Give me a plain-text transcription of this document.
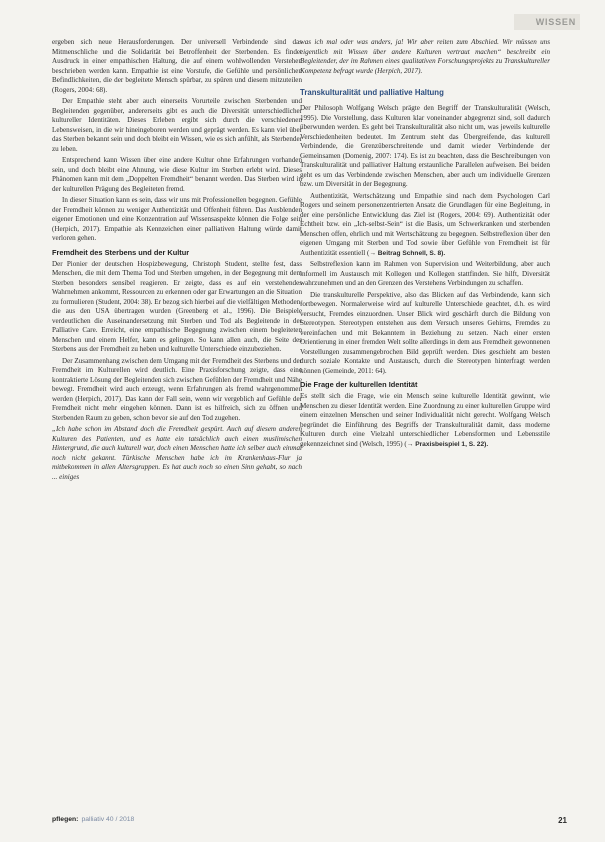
WISSEN

ergeben sich neue Herausforderungen. Der universell Verbindende sind das Mitmenschliche und die Solidarität bei Betroffenheit der Sterbenden. Es findet Ausdruck in einer empathischen Haltung, die auf einem wohlwollenden Verstehen beschrieben werden kann. Empathie ist eine Vorstufe, die Gefühle und persönlichen Befindlichkeiten, die der begleitete Mensch spürbar, zu spüren und diesem mitzuteilen (Rogers, 2004: 68).

Der Empathie steht aber auch einerseits Vorurteile zwischen Sterbenden und Begleitenden gegenüber, andererseits gibt es auch die Diversität unterschiedlicher kultureller Identitäten. Dieses Erleben ergibt sich durch die verschiedenen Lebensweisen, in die wir hineingeboren werden und geprägt werden. Es kann viel über das Sterben bekannt sein und doch bleibt ein Wissen, wie es sich anfühlt, als Sterbender zu leben.

Entsprechend kann Wissen über eine andere Kultur ohne Erfahrungen vorhanden sein, und doch bleibt eine Ahnung, wie diese Kultur im Sterben erlebt wird. Dieses Phänomen kann mit dem „Doppelten Fremdheit“ benannt werden. Das Sterben wird in der kulturellen Prägung des Begleiteten fremd.

In dieser Situation kann es sein, dass wir uns mit Professionellen begegnen. Gefühle der Fremdheit können zu weniger Authentizität und Offenheit führen. Das Ausblenden eigener Emotionen und eine Konzentration auf Wissensaspekte können die Folge sein (Herpich, 2017). Empathie als Kennzeichen einer palliativen Haltung würde damit verloren gehen.

Fremdheit des Sterbens und der Kultur

Der Pionier der deutschen Hospizbewegung, Christoph Student, stellte fest, dass Menschen, die mit dem Thema Tod und Sterben umgehen, in der Begegnung mit dem Sterben besonders sensibel reagieren. Er zeigte, dass es auf ein verstehendes Wahrnehmen ankommt, Ressourcen zu erkennen oder gar Erwartungen an die Situation zu formulieren (Student, 2004: 38). Er bezog sich hierbei auf die vielfältigen Methoden, die aus den USA übertragen wurden (Greenberg et al., 1996). Die Beispiele verdeutlichen die Auseinandersetzung mit Sterben und Tod als Begleitende in der Palliative Care. Erreicht, eine empathische Begegnung zwischen einem begleiteten Menschen und einem Helfer, kann es gelingen. So kann allen auch, die Seite des Sterbens aus der Fremdheit zu heben und kulturelle Unterschiede einzubeziehen.

Der Zusammenhang zwischen dem Umgang mit der Fremdheit des Sterbens und der Fremdheit im Kulturellen wird deutlich. Eine Praxisforschung zeigte, dass eine kontraktierte Lösung der Begleitenden sich zwischen Gefühlen der Fremdheit und Nähe bewegt. Fremdheit wird auch erzeugt, wenn Erfahrungen als fremd wahrgenommen werden (Herpich, 2017). Das kann der Fall sein, wenn wir vergeblich auf Gefühle der Fremdheit nicht mehr eingehen können. Dann ist es hilfreich, sich zu öffnen und Sterbenden Raum zu geben, schon bevor sie auf den Tod zugehen.

„Ich habe schon im Abstand doch die Fremdheit gespürt. Auch auf diesem anderen Kulturen des Patienten, und es hatte ein tatsächlich auch einen muslimischen Hintergrund, die auch kulturell war, doch einen Menschen hatte ich selber auch einmal noch nicht gekannt. Türkische Menschen habe ich im Krankenhaus-Flur ja mitbekommen in allen Altersgruppen. Es hat auch noch so einen Sinn gehabt, so nach ... einiges

was ich mal oder was anders, ja! Wir aber reiten zum Abschied. Wir müssen uns eigentlich mit Wissen über andere Kulturen vertraut machen“ beschreibt ein Begleitender, der im Rahmen eines qualitativen Forschungsprojekts zu Transkultureller Kompetenz befragt wurde (Herpich, 2017).

Transkulturalität und palliative Haltung

Der Philosoph Wolfgang Welsch prägte den Begriff der Transkulturalität (Welsch, 1995). Die Vorstellung, dass Kulturen klar voneinander abgegrenzt sind, soll dadurch überwunden werden. Es geht bei Transkulturalität also nicht um, was jeweils kulturelle Verschiedenheiten bedeutet. Im Zentrum steht das Übergreifende, das kulturell Verbindende, die Grenzüberschreitende und damit wieder Verbindende der Gemeinsamen (Domenig, 2007: 174). Es ist zu beachten, dass die Beschreibungen von Transkulturalität und palliativer Haltung erstaunliche Parallelen aufweisen. Bei beiden geht es um das Verbindende zwischen Menschen, aber auch um individuelle Grenzen bzw. um Diversität in der Begegnung.

Authentizität, Wertschätzung und Empathie sind nach dem Psychologen Carl Rogers und seinem personenzentrierten Ansatz die Grundlagen für eine Begleitung, in der eine persönliche Entwicklung das Ziel ist (Rogers, 2004: 69). Authentizität oder Echtheit bzw. ein „Ich-selbst-Sein“ ist die Basis, um Schwerkranken und sterbenden Menschen offen, ehrlich und mit Wertschätzung zu begegnen. Selbstreflexion über den eigenen Umgang mit Sterben und Tod sowie über Gefühle von Fremdheit ist für Authentizität essentiell (→ Beitrag Schnell, S. 8).

Selbstreflexion kann im Rahmen von Supervision und Weiterbildung, aber auch informell im Austausch mit Kollegen und Kollegen stattfinden. Sie hilft, Diversität wahrzunehmen und an den Grenzen des Verstehens Verbindungen zu schaffen.

Die transkulturelle Perspektive, also das Blicken auf das Verbindende, kann sich fortbewegen. Normalerweise wird auf kulturelle Unterschiede geachtet, d.h. es wird versucht, Fremdes einzuordnen. Unser Blick wird geschärft durch die Bildung von Stereotypen. Stereotypen entstehen aus dem Versuch unseres Gehirns, Fremdes zu vereinfachen und mit Bekanntem in Beziehung zu setzen. Nach einer ersten Orientierung in einer fremden Welt sollte allerdings in dem aus Fremdheit gewonnenen Vorstellungen zusammengebrochen Bild geprüft werden. Dies geschieht am besten durch soziale Kontakte und Austausch, durch die Stereotypen hinterfragt werden können (Gemeinde, 2011: 64).

Die Frage der kulturellen Identität

Es stellt sich die Frage, wie ein Mensch seine kulturelle Identität gewinnt, wie Menschen zu dieser Identität werden. Eine Zuordnung zu einer kulturellen Gruppe wird einem einzelnen Menschen und seiner Individualität nicht gerecht. Wolfgang Welsch begründet die Einführung des Begriffs der Transkulturalität damit, dass moderne Kulturen durch eine Vielzahl unterschiedlicher Lebensformen und Lebensstile gekennzeichnet sind (Welsch, 1995) (→ Praxisbeispiel 1, S. 22).

pflegen: palliativ 40 / 2018	21
